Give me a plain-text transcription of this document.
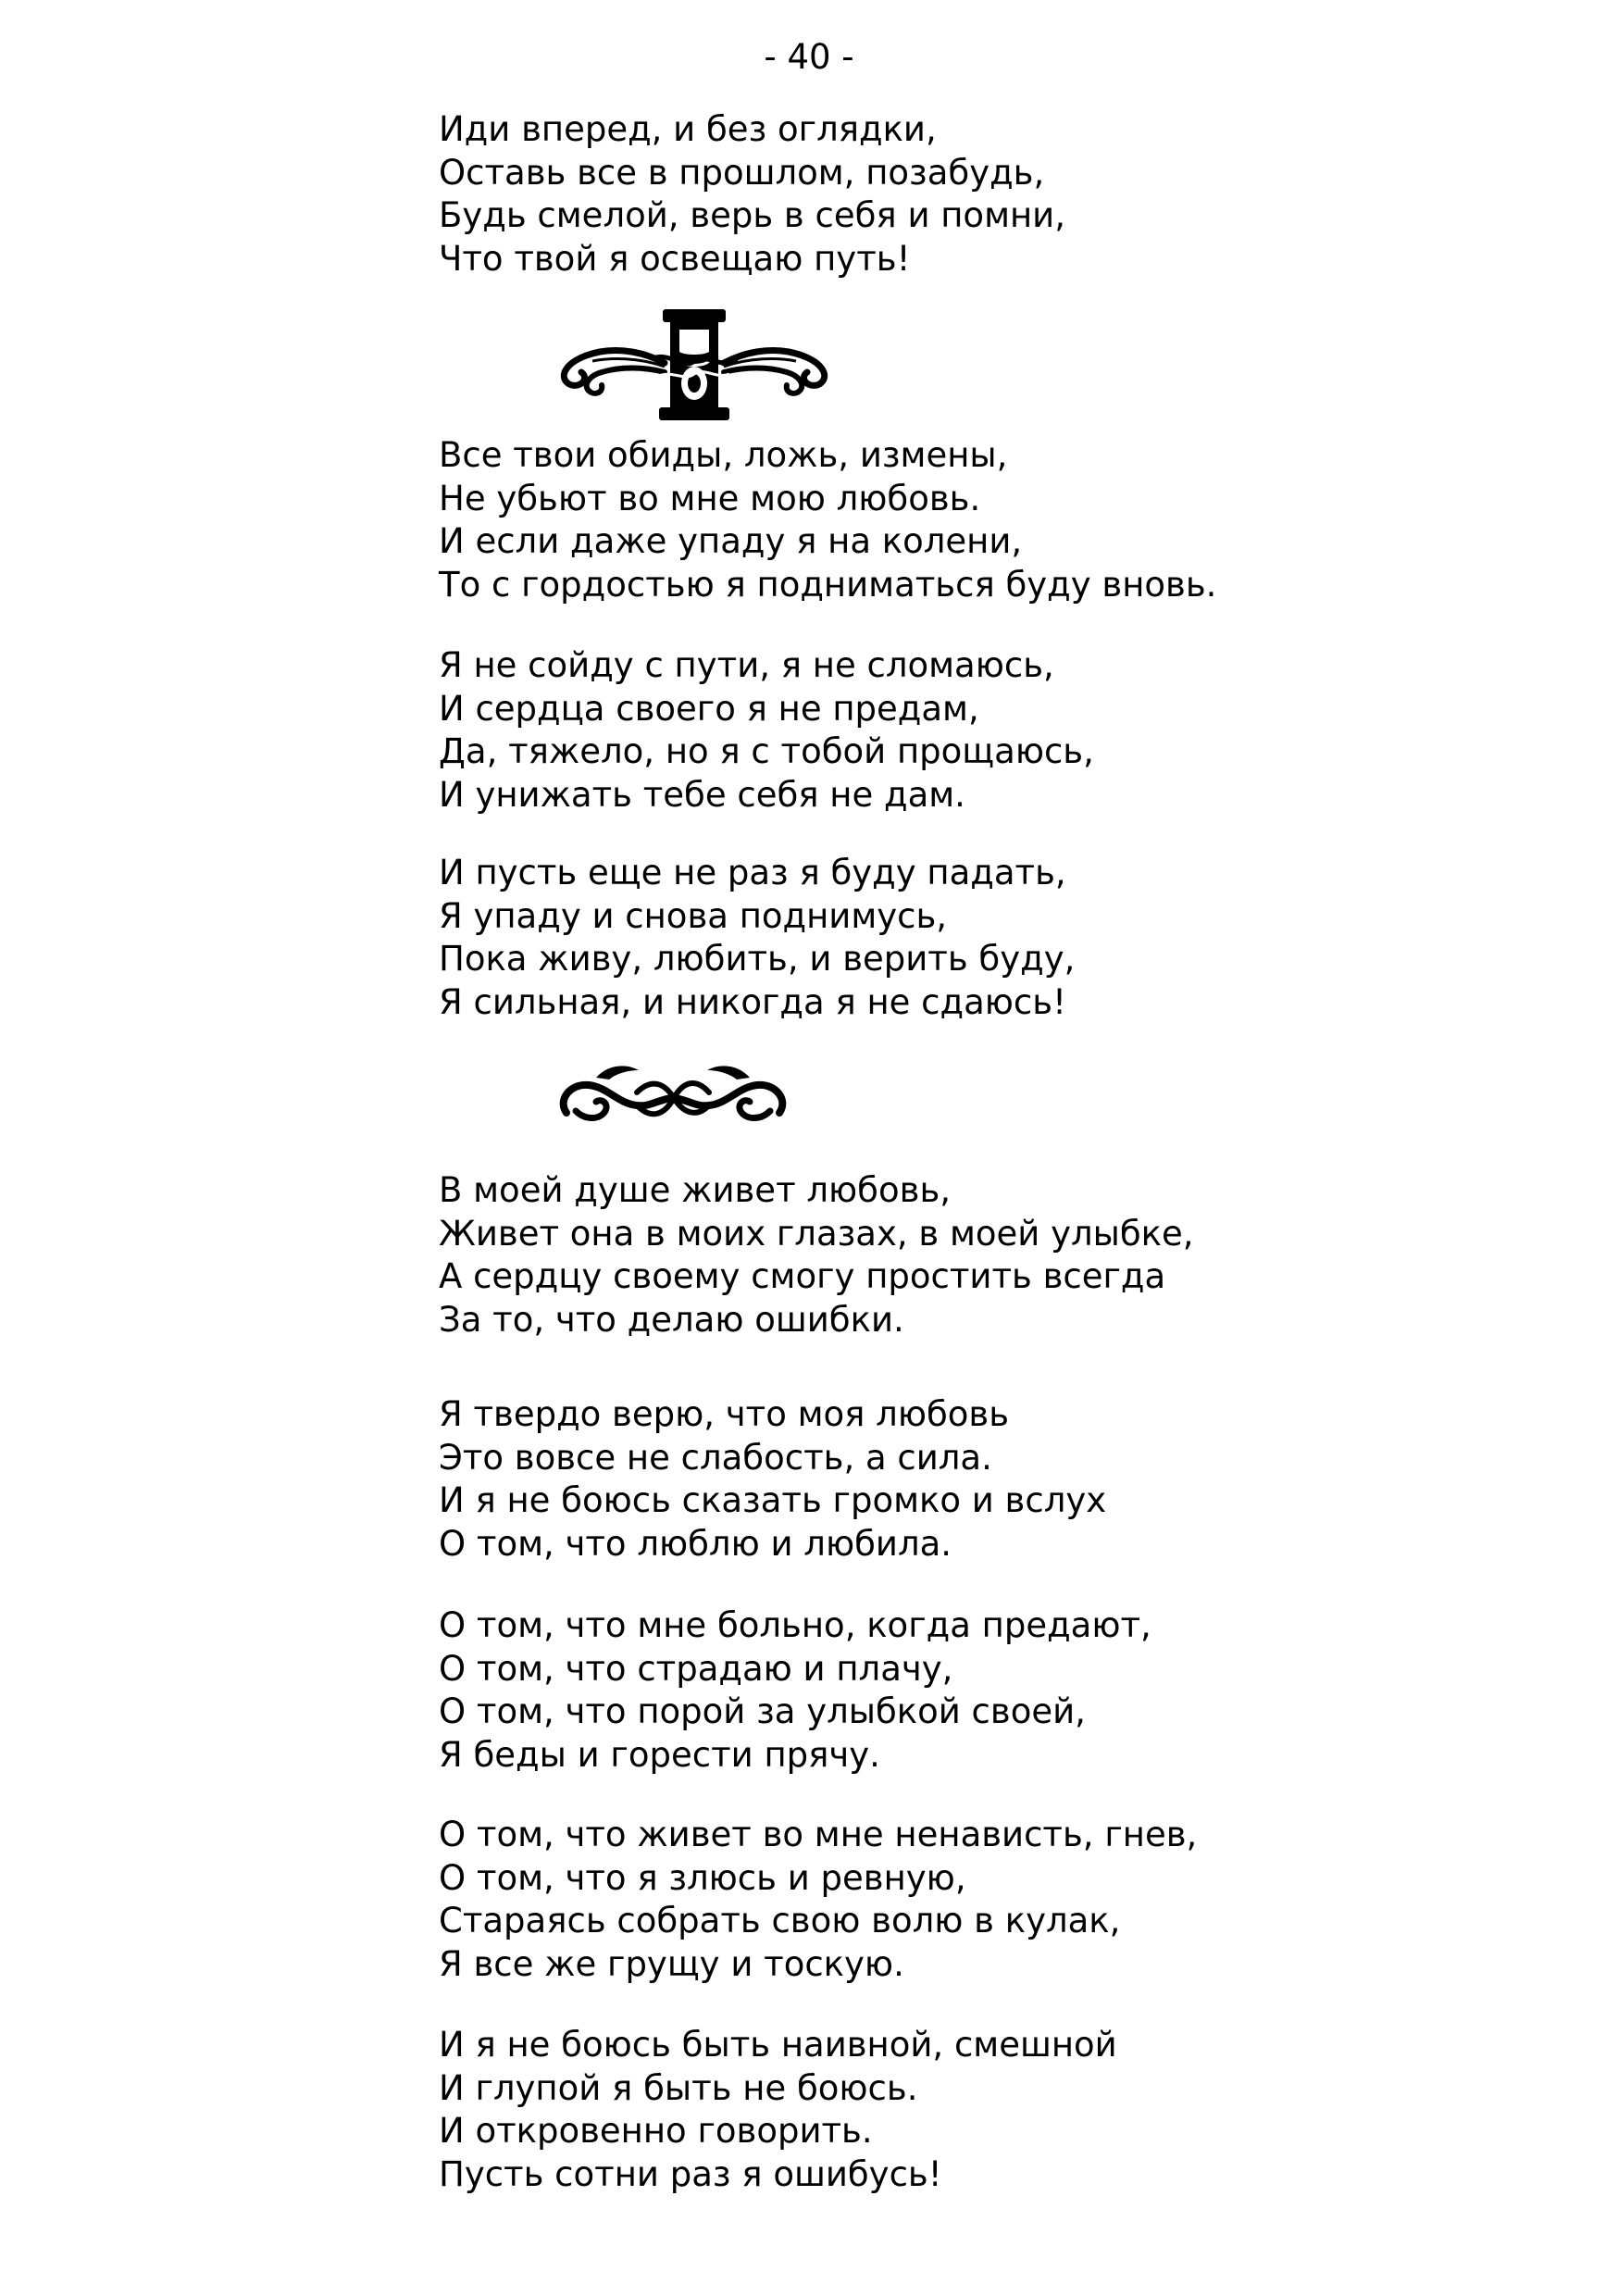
- 40 -
Иди вперед, и без оглядки,
Оставь все в прошлом, позабудь,
Будь смелой, верь в себя и помни,
Что твой я освещаю путь!
Все твои обиды, ложь, измены,
Не убьют во мне мою любовь.
И если даже упаду я на колени,
То с гордостью я подниматься буду вновь.
Я не сойду с пути, я не сломаюсь,
И сердца своего я не предам,
Да, тяжело, но я с тобой прощаюсь,
И унижать тебе себя не дам.
И пусть еще не раз я буду падать,
Я упаду и снова поднимусь,
Пока живу, любить, и верить буду,
Я сильная, и никогда я не сдаюсь!
В моей душе живет любовь,
Живет она в моих глазах, в моей улыбке,
А сердцу своему смогу простить всегда
За то, что делаю ошибки.
Я твердо верю, что моя любовь
Это вовсе не слабость, а сила.
И я не боюсь сказать громко и вслух
О том, что люблю и любила.
О том, что мне больно, когда предают,
О том, что страдаю и плачу,
О том, что порой за улыбкой своей,
Я беды и горести прячу.
О том, что живет во мне ненависть, гнев,
О том, что я злюсь и ревную,
Стараясь собрать свою волю в кулак,
Я все же грущу и тоскую.
И я не боюсь быть наивной, смешной
И глупой я быть не боюсь.
И откровенно говорить.
Пусть сотни раз я ошибусь!
